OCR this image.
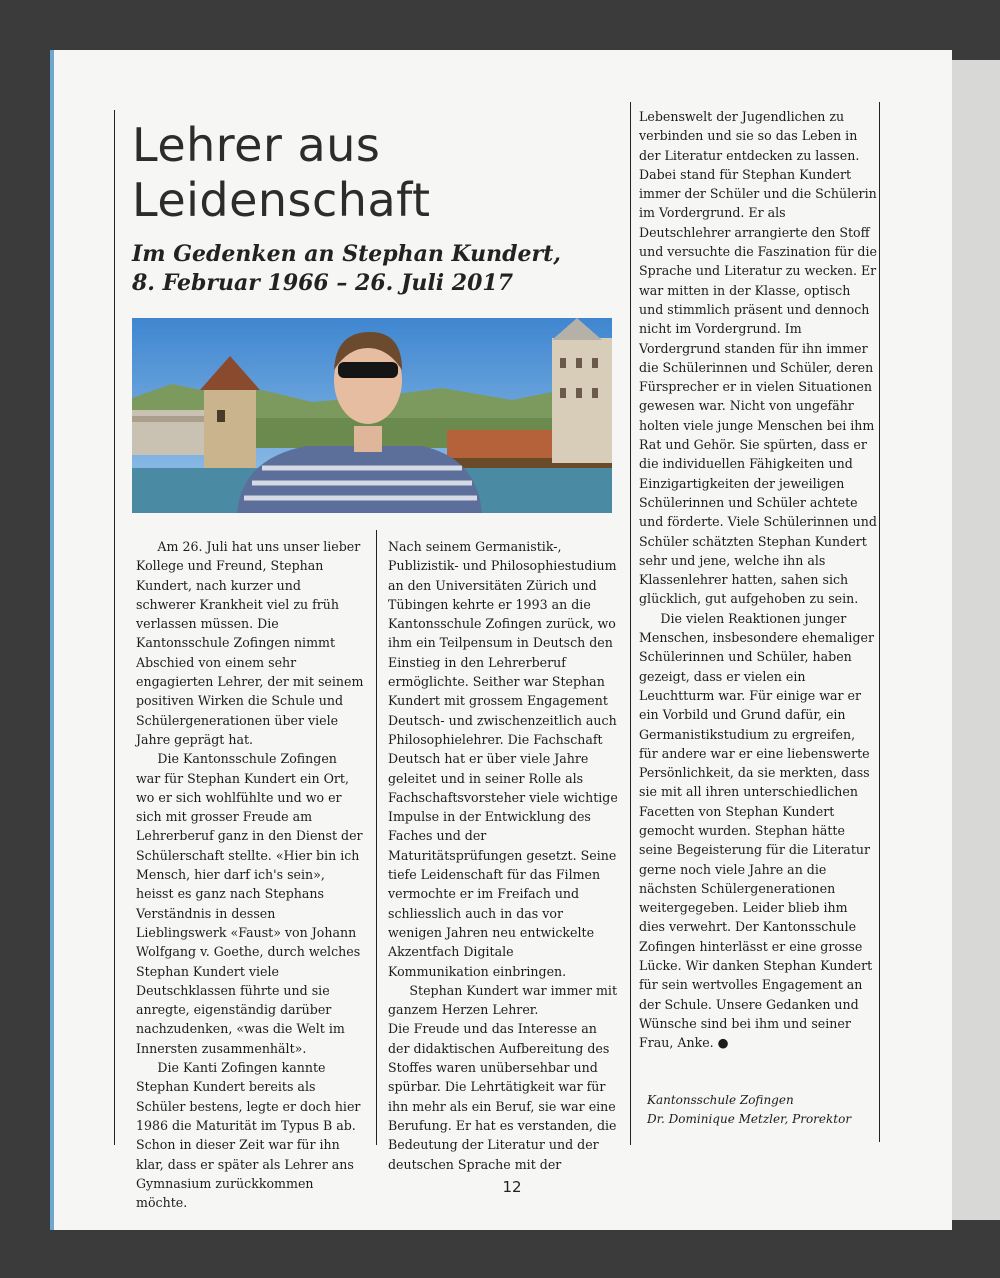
Lehrer aus
Leidenschaft
Im Gedenken an Stephan Kundert,
8. Februar 1966 – 26. Juli 2017

Am 26. Juli hat uns unser lieber Kollege und Freund, Stephan Kundert, nach kurzer und schwerer Krankheit viel zu früh verlassen müssen. Die Kantonsschule Zofingen nimmt Abschied von einem sehr engagierten Lehrer, der mit seinem positiven Wirken die Schule und Schülergenerationen über viele Jahre geprägt hat.

Die Kantonsschule Zofingen war für Stephan Kundert ein Ort, wo er sich wohlfühlte und wo er sich mit grosser Freude am Lehrerberuf ganz in den Dienst der Schülerschaft stellte. «Hier bin ich Mensch, hier darf ich's sein», heisst es ganz nach Stephans Verständnis in dessen Lieblingswerk «Faust» von Johann Wolfgang v. Goethe, durch welches Stephan Kundert viele Deutschklassen führte und sie anregte, eigenständig darüber nachzudenken, «was die Welt im Innersten zusammenhält».

Die Kanti Zofingen kannte Stephan Kundert bereits als Schüler bestens, legte er doch hier 1986 die Maturität im Typus B ab. Schon in dieser Zeit war für ihn klar, dass er später als Lehrer ans Gymnasium zurückkommen möchte.

Nach seinem Germanistik-, Publizistik- und Philosophiestudium an den Universitäten Zürich und Tübingen kehrte er 1993 an die Kantonsschule Zofingen zurück, wo ihm ein Teilpensum in Deutsch den Einstieg in den Lehrerberuf ermöglichte. Seither war Stephan Kundert mit grossem Engagement Deutsch- und zwischenzeitlich auch Philosophielehrer. Die Fachschaft Deutsch hat er über viele Jahre geleitet und in seiner Rolle als Fachschaftsvorsteher viele wichtige Impulse in der Entwicklung des Faches und der Maturitätsprüfungen gesetzt. Seine tiefe Leidenschaft für das Filmen vermochte er im Freifach und schliesslich auch in das vor wenigen Jahren neu entwickelte Akzentfach Digitale Kommunikation einbringen.

Stephan Kundert war immer mit ganzem Herzen Lehrer.

Die Freude und das Interesse an der didaktischen Aufbereitung des Stoffes waren unübersehbar und spürbar. Die Lehrtätigkeit war für ihn mehr als ein Beruf, sie war eine Berufung. Er hat es verstanden, die Bedeutung der Literatur und der deutschen Sprache mit der

Lebenswelt der Jugendlichen zu verbinden und sie so das Leben in der Literatur entdecken zu lassen. Dabei stand für Stephan Kundert immer der Schüler und die Schülerin im Vordergrund. Er als Deutschlehrer arrangierte den Stoff und versuchte die Faszination für die Sprache und Literatur zu wecken. Er war mitten in der Klasse, optisch und stimmlich präsent und dennoch nicht im Vordergrund. Im Vordergrund standen für ihn immer die Schülerinnen und Schüler, deren Fürsprecher er in vielen Situationen gewesen war. Nicht von ungefähr holten viele junge Menschen bei ihm Rat und Gehör. Sie spürten, dass er die individuellen Fähigkeiten und Einzigartigkeiten der jeweiligen Schülerinnen und Schüler achtete und förderte. Viele Schülerinnen und Schüler schätzten Stephan Kundert sehr und jene, welche ihn als Klassenlehrer hatten, sahen sich glücklich, gut aufgehoben zu sein.

Die vielen Reaktionen junger Menschen, insbesondere ehemaliger Schülerinnen und Schüler, haben gezeigt, dass er vielen ein Leuchtturm war. Für einige war er ein Vorbild und Grund dafür, ein Germanistikstudium zu ergreifen, für andere war er eine liebenswerte Persönlichkeit, da sie merkten, dass sie mit all ihren unterschiedlichen Facetten von Stephan Kundert gemocht wurden. Stephan hätte seine Begeisterung für die Literatur gerne noch viele Jahre an die nächsten Schülergenerationen weitergegeben. Leider blieb ihm dies verwehrt. Der Kantonsschule Zofingen hinterlässt er eine grosse Lücke. Wir danken Stephan Kundert für sein wertvolles Engagement an der Schule. Unsere Gedanken und Wünsche sind bei ihm und seiner Frau, Anke. ●

Kantonsschule Zofingen
Dr. Dominique Metzler, Prorektor
12
